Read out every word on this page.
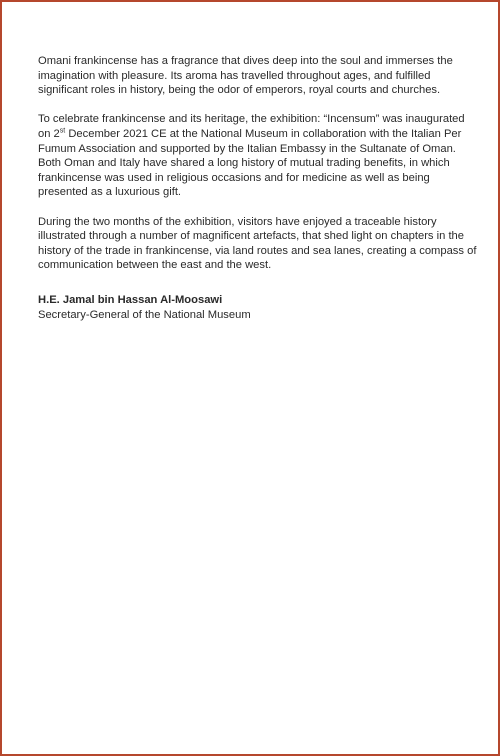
Omani frankincense has a fragrance that dives deep into the soul and immerses the imagination with pleasure. Its aroma has travelled throughout ages, and fulfilled significant roles in history, being the odor of emperors, royal courts and churches.

To celebrate frankincense and its heritage, the exhibition: “Incensum” was inaugurated on 2st December 2021 CE at the National Museum in collaboration with the Italian Per Fumum Association and supported by the Italian Embassy in the Sultanate of Oman. Both Oman and Italy have shared a long history of mutual trading benefits, in which frankincense was used in religious occasions and for medicine as well as being presented as a luxurious gift.

During the two months of the exhibition, visitors have enjoyed a traceable history illustrated through a number of magnificent artefacts, that shed light on chapters in the history of the trade in frankincense, via land routes and sea lanes, creating a compass of communication between the east and the west.

H.E. Jamal bin Hassan Al-Moosawi
Secretary-General of the National Museum
